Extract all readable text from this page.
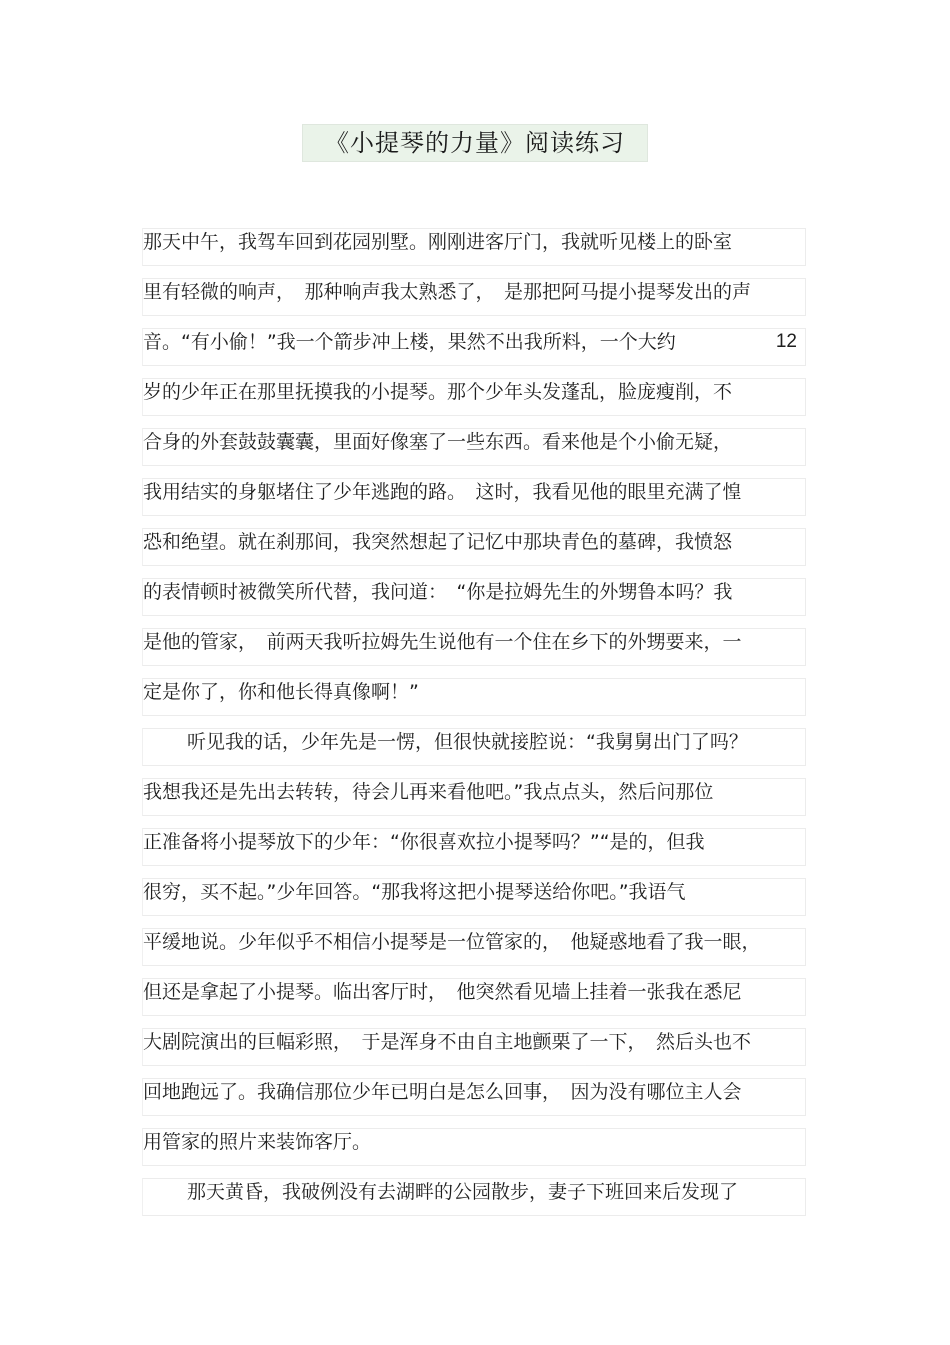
《小提琴的力量》阅读练习
那天中午，我驾车回到花园别墅。刚刚进客厅门，我就听见楼上的卧室
里有轻微的响声，　那种响声我太熟悉了，　是那把阿马提小提琴发出的声
音。“有小偷！”我一个箭步冲上楼，果然不出我所料，一个大约	12
岁的少年正在那里抚摸我的小提琴。那个少年头发蓬乱，脸庞瘦削，不
合身的外套鼓鼓囊囊，里面好像塞了一些东西。看来他是个小偷无疑，
我用结实的身躯堵住了少年逃跑的路。　这时，我看见他的眼里充满了惶
恐和绝望。就在刹那间，我突然想起了记忆中那块青色的墓碑，我愤怒
的表情顿时被微笑所代替，我问道：　“你是拉姆先生的外甥鲁本吗？我
是他的管家，　前两天我听拉姆先生说他有一个住在乡下的外甥要来，一
定是你了，你和他长得真像啊！”
听见我的话，少年先是一愣，但很快就接腔说：“我舅舅出门了吗？
我想我还是先出去转转，待会儿再来看他吧。”我点点头，然后问那位
正准备将小提琴放下的少年：“你很喜欢拉小提琴吗？”“是的，但我
很穷，买不起。”少年回答。“那我将这把小提琴送给你吧。”我语气
平缓地说。少年似乎不相信小提琴是一位管家的，　他疑惑地看了我一眼，
但还是拿起了小提琴。临出客厅时，　他突然看见墙上挂着一张我在悉尼
大剧院演出的巨幅彩照，　于是浑身不由自主地颤栗了一下，　然后头也不
回地跑远了。我确信那位少年已明白是怎么回事，　因为没有哪位主人会
用管家的照片来装饰客厅。
那天黄昏，我破例没有去湖畔的公园散步，妻子下班回来后发现了
